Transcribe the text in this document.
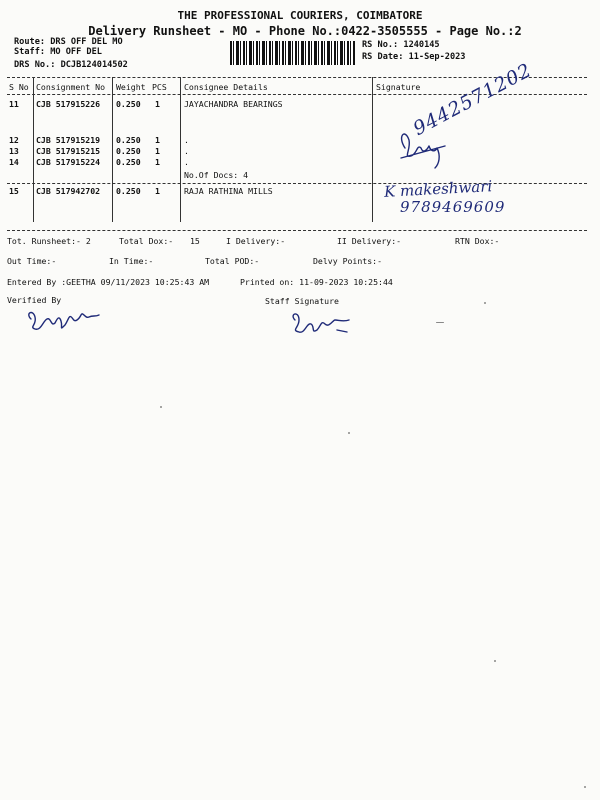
THE PROFESSIONAL COURIERS, COIMBATORE
Delivery Runsheet - MO - Phone No.:0422-3505555 - Page No.:2
Route: DRS OFF DEL MO
Staff: MO OFF DEL
DRS No.: DCJB124014502
RS No.: 1240145
RS Date: 11-Sep-2023
S No Consignment No Weight PCS Consignee Details	Signature
11 CJB 517915226 0.250 1	JAYACHANDRA BEARINGS
12 CJB 517915219 0.250 1	.
13 CJB 517915215 0.250 1	.
14 CJB 517915224 0.250 1	.
No.Of Docs: 4
15 CJB 517942702 0.250 1	RAJA RATHINA MILLS
9442571202
K makeshwari
9789469609
Tot. Runsheet:- 2	Total Dox:- 15	I Delivery:-	II Delivery:-	RTN Dox:-
Out Time:-	In Time:-	Total POD:-	Delvy Points:-
Entered By :GEETHA 09/11/2023 10:25:43 AM	Printed on: 11-09-2023 10:25:44
Verified By	Staff Signature
